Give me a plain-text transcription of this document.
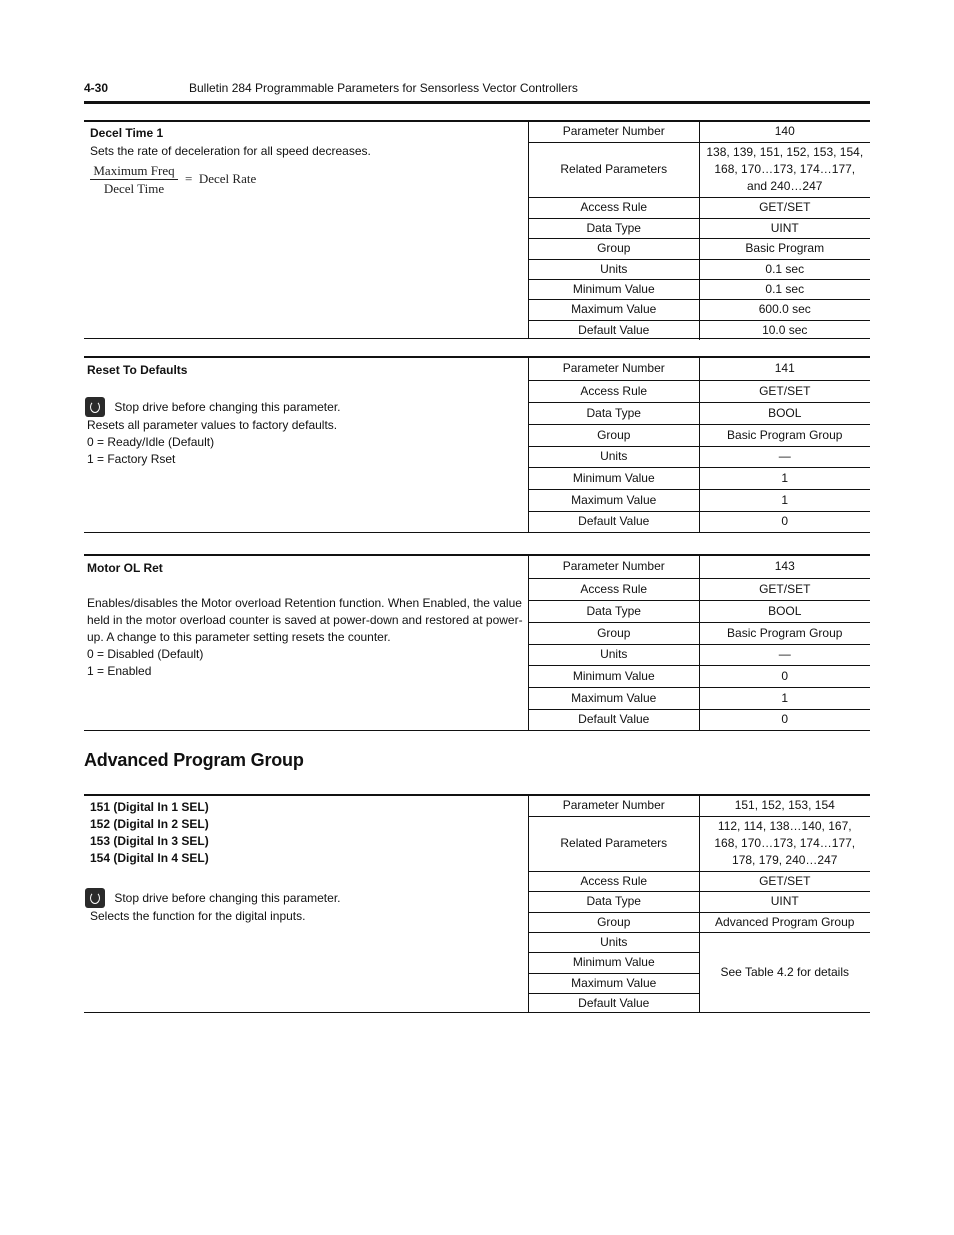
4-30	Bulletin 284 Programmable Parameters for Sensorless Vector Controllers
Decel Time 1
Sets the rate of deceleration for all speed decreases.
Maximum Freq
Decel Time
= Decel Rate
Parameter Number	140
Related Parameters	138, 139, 151, 152, 153, 154,
168, 170…173, 174…177,
and 240…247

Access Rule	GET/SET
Data Type	UINT
Group	Basic Program
Units	0.1 sec
Minimum Value	0.1 sec
Maximum Value	600.0 sec
Default Value	10.0 sec
Reset To Defaults
Stop drive before changing this parameter.
Resets all parameter values to factory defaults.
0 = Ready/Idle (Default)
1 = Factory Rset
Parameter Number	141
Access Rule	GET/SET
Data Type	BOOL
Group	Basic Program Group
Units	—
Minimum Value	1
Maximum Value	1
Default Value	0
Motor OL Ret
Enables/disables the Motor overload Retention function. When Enabled, the value
held in the motor overload counter is saved at power-down and restored at power-
up. A change to this parameter setting resets the counter.
0 = Disabled (Default)
1 = Enabled
Parameter Number	143
Access Rule	GET/SET
Data Type	BOOL
Group	Basic Program Group
Units	—
Minimum Value	0
Maximum Value	1
Default Value	0
Advanced Program Group
151 (Digital In 1 SEL)
152 (Digital In 2 SEL)
153 (Digital In 3 SEL)
154 (Digital In 4 SEL)
Stop drive before changing this parameter.
Selects the function for the digital inputs.
Parameter Number	151, 152, 153, 154
Related Parameters	112, 114, 138…140, 167,
168, 170…173, 174…177,
178, 179, 240…247

Access Rule	GET/SET
Data Type	UINT
Group	Advanced Program Group
Units	See Table 4.2 for details
Minimum Value	
Maximum Value	
Default Value	
